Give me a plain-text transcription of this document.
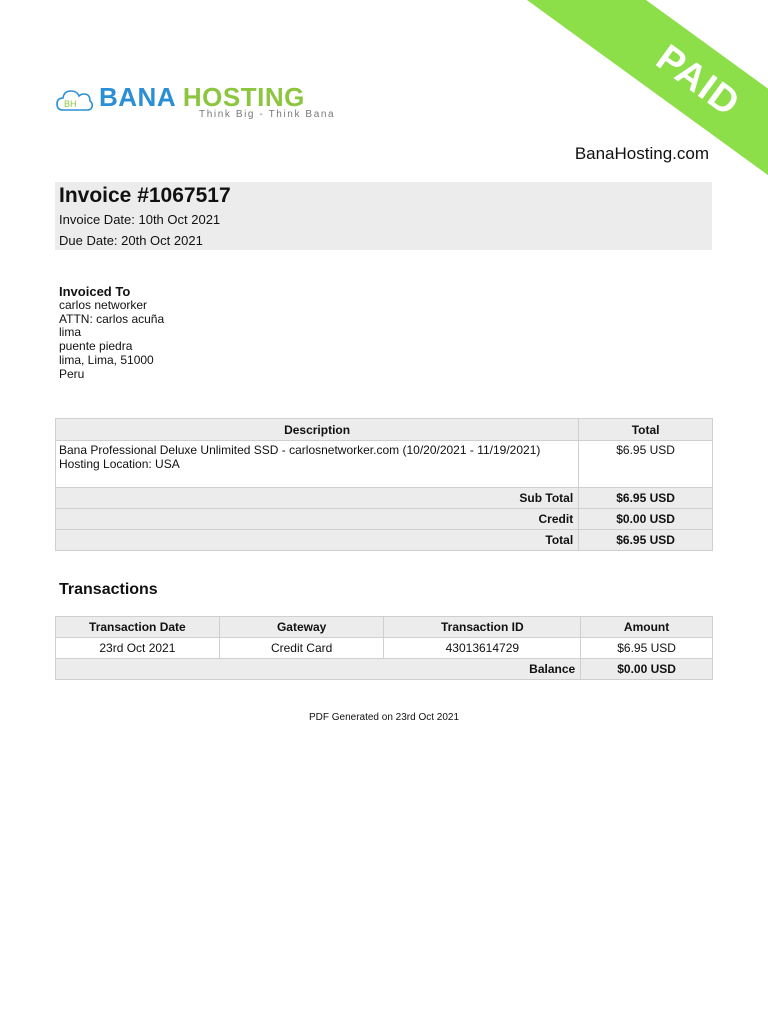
PAID
BH BANA HOSTING
Think Big - Think Bana
BanaHosting.com
Invoice #1067517
Invoice Date: 10th Oct 2021
Due Date: 20th Oct 2021
Invoiced To
carlos networker
ATTN: carlos acuña
lima
puente piedra
lima, Lima, 51000
Peru
Description	Total

Bana Professional Deluxe Unlimited SSD - carlosnetworker.com (10/20/2021 - 11/19/2021)
Hosting Location: USA	$6.95 USD
Sub Total	$6.95 USD
Credit	$0.00 USD
Total	$6.95 USD
Transactions
Transaction Date	Gateway	Transaction ID	Amount
23rd Oct 2021	Credit Card	43013614729	$6.95 USD
Balance			$0.00 USD
PDF Generated on 23rd Oct 2021
